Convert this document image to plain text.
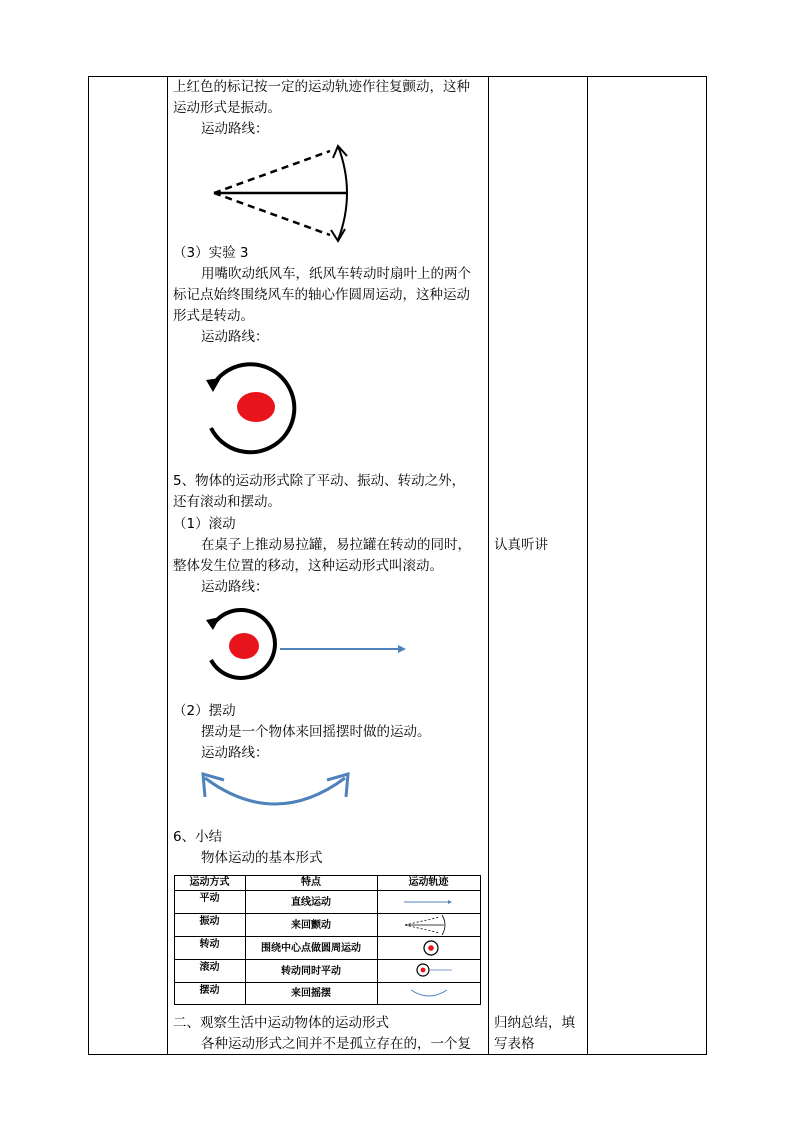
上红色的标记按一定的运动轨迹作往复颤动，这种
运动形式是振动。
运动路线：
（3）实验 3
用嘴吹动纸风车，纸风车转动时扇叶上的两个
标记点始终围绕风车的轴心作圆周运动，这种运动
形式是转动。
运动路线：
5、物体的运动形式除了平动、振动、转动之外，
还有滚动和摆动。
（1）滚动
在桌子上推动易拉罐，易拉罐在转动的同时，
整体发生位置的移动，这种运动形式叫滚动。
运动路线：
（2）摆动
摆动是一个物体来回摇摆时做的运动。
运动路线：
6、小结
物体运动的基本形式
运动方式	特点	运动轨迹
平动	直线运动
振动	来回颤动
转动	围绕中心点做圆周运动
滚动	转动同时平动
摆动	来回摇摆
二、观察生活中运动物体的运动形式
各种运动形式之间并不是孤立存在的，一个复
认真听讲
归纳总结，填
写表格
